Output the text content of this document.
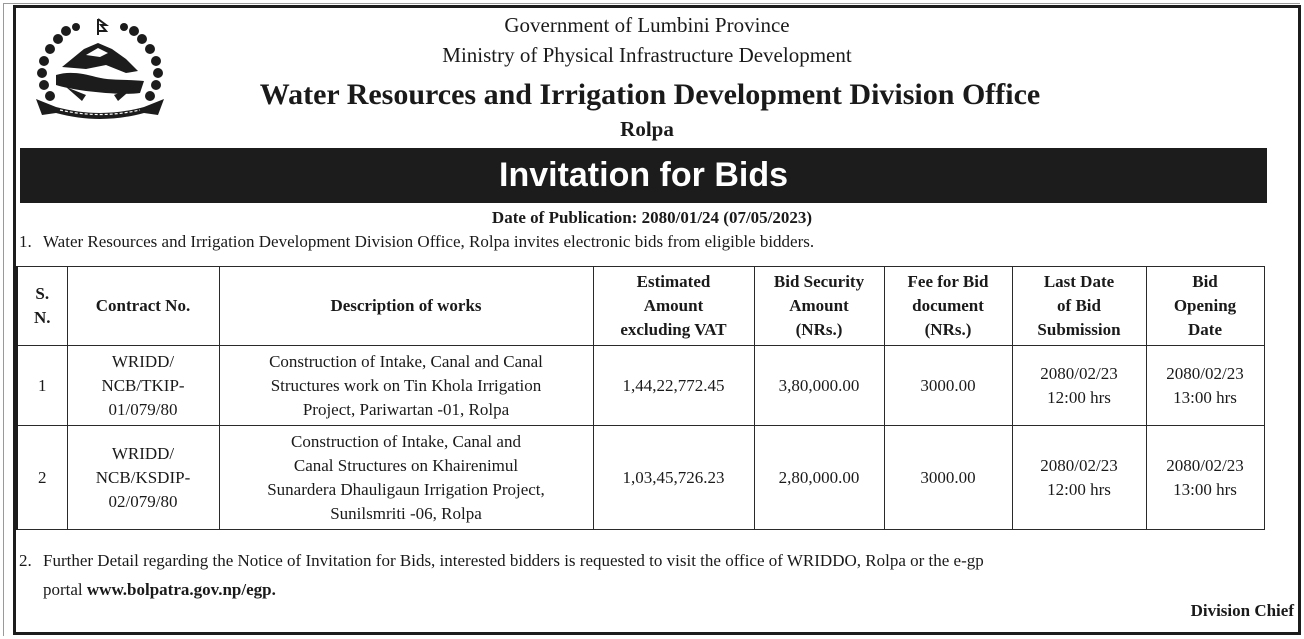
Government of Lumbini Province
Ministry of Physical Infrastructure Development
Water Resources and Irrigation Development Division Office
Rolpa
Invitation for Bids
Date of Publication: 2080/01/24 (07/05/2023)
1. Water Resources and Irrigation Development Division Office, Rolpa invites electronic bids from eligible bidders.
S.
N.	Contract No.	Description of works	Estimated
Amount
excluding VAT	Bid Security
Amount
(NRs.)	Fee for Bid
document
(NRs.)	Last Date
of Bid
Submission	Bid
Opening
Date
1	WRIDD/
NCB/TKIP-
01/079/80	Construction of Intake, Canal and Canal
Structures work on Tin Khola Irrigation
Project, Pariwartan -01, Rolpa	1,44,22,772.45	3,80,000.00	3000.00	2080/02/23
12:00 hrs	2080/02/23
13:00 hrs
2	WRIDD/
NCB/KSDIP-
02/079/80	Construction of Intake, Canal and
Canal Structures on Khairenimul
Sunardera Dhauligaun Irrigation Project,
Sunilsmriti -06, Rolpa	1,03,45,726.23	2,80,000.00	3000.00	2080/02/23
12:00 hrs	2080/02/23
13:00 hrs
2. Further Detail regarding the Notice of Invitation for Bids, interested bidders is requested to visit the office of WRIDDO, Rolpa or the e-gp
portal www.bolpatra.gov.np/egp.
Division Chief
